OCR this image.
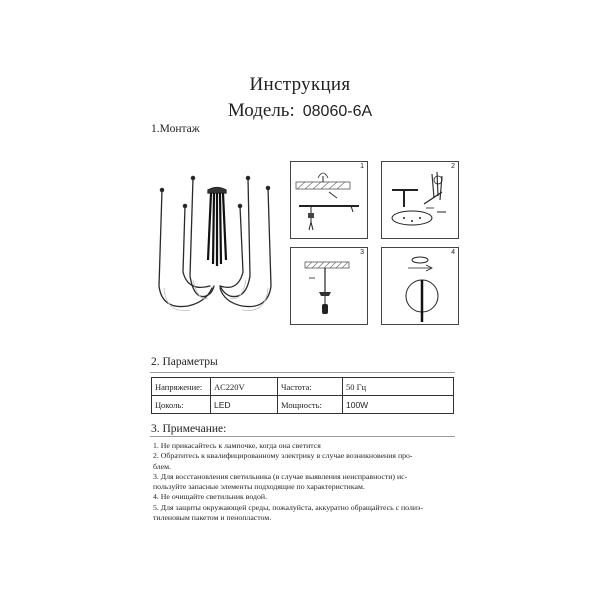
Инструкция
Модель: 08060-6A
1.Монтаж
1	2
3	4
2. Параметры
Напряжение:	AC220V	Частота:	50 Гц
Цоколь:	LED	Мощность:	100W
3. Примечание:

1. Не прикасайтесь к лампочке, когда она светится

2. Обратитесь к квалифицированному электрику в случае возникновения про-

блем.

3. Для восстановления светильника (в случае выявления неисправности) ис-

пользуйте запасные элементы подходящие по характеристикам.

4. Не очищайте светильник водой.

5. Для защиты окружающей среды, пожалуйста, аккуратно обращайтесь с полиэ-

тиленовым пакетом и пенопластом.
